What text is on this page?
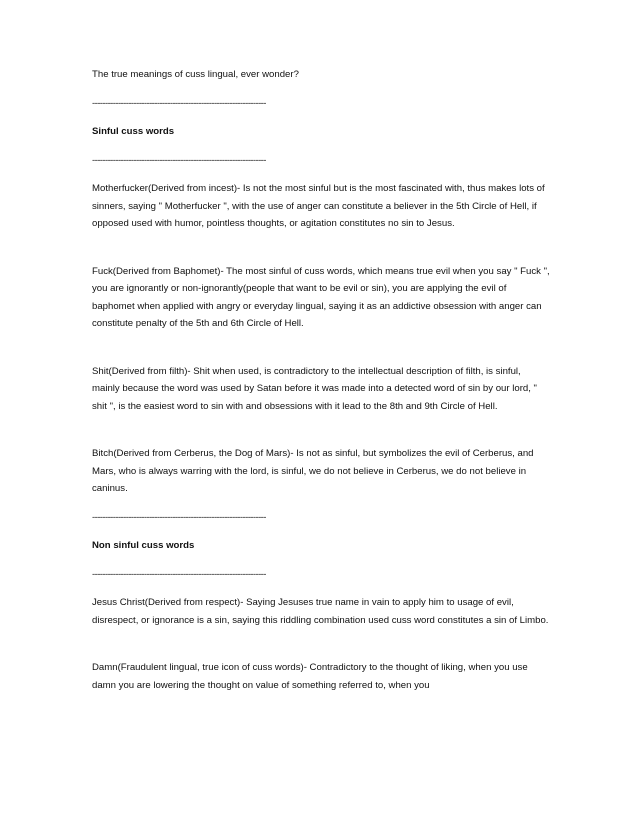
The true meanings of cuss lingual, ever wonder?

-------------------------------------------------------------------

Sinful cuss words

-------------------------------------------------------------------

Motherfucker(Derived from incest)- Is not the most sinful but is the most fascinated with, thus makes lots of sinners, saying " Motherfucker ", with the use of anger can constitute a believer in the 5th Circle of Hell, if opposed used with humor, pointless thoughts, or agitation constitutes no sin to Jesus.

Fuck(Derived from Baphomet)- The most sinful of cuss words, which means true evil when you say " Fuck ", you are ignorantly or non-ignorantly(people that want to be evil or sin), you are applying the evil of baphomet when applied with angry or everyday lingual, saying it as an addictive obsession with anger can constitute penalty of the 5th and 6th Circle of Hell.

Shit(Derived from filth)- Shit when used, is contradictory to the intellectual description of filth, is sinful, mainly because the word was used by Satan before it was made into a detected word of sin by our lord, " shit ", is the easiest word to sin with and obsessions with it lead to the 8th and 9th Circle of Hell.

Bitch(Derived from Cerberus, the Dog of Mars)- Is not as sinful, but symbolizes the evil of Cerberus, and Mars, who is always warring with the lord, is sinful, we do not believe in Cerberus, we do not believe in caninus.

-------------------------------------------------------------------

Non sinful cuss words

-------------------------------------------------------------------

Jesus Christ(Derived from respect)- Saying Jesuses true name in vain to apply him to usage of evil, disrespect, or ignorance is a sin, saying this riddling combination used cuss word constitutes a sin of Limbo.

Damn(Fraudulent lingual, true icon of cuss words)- Contradictory to the thought of liking, when you use damn you are lowering the thought on value of something referred to, when you
